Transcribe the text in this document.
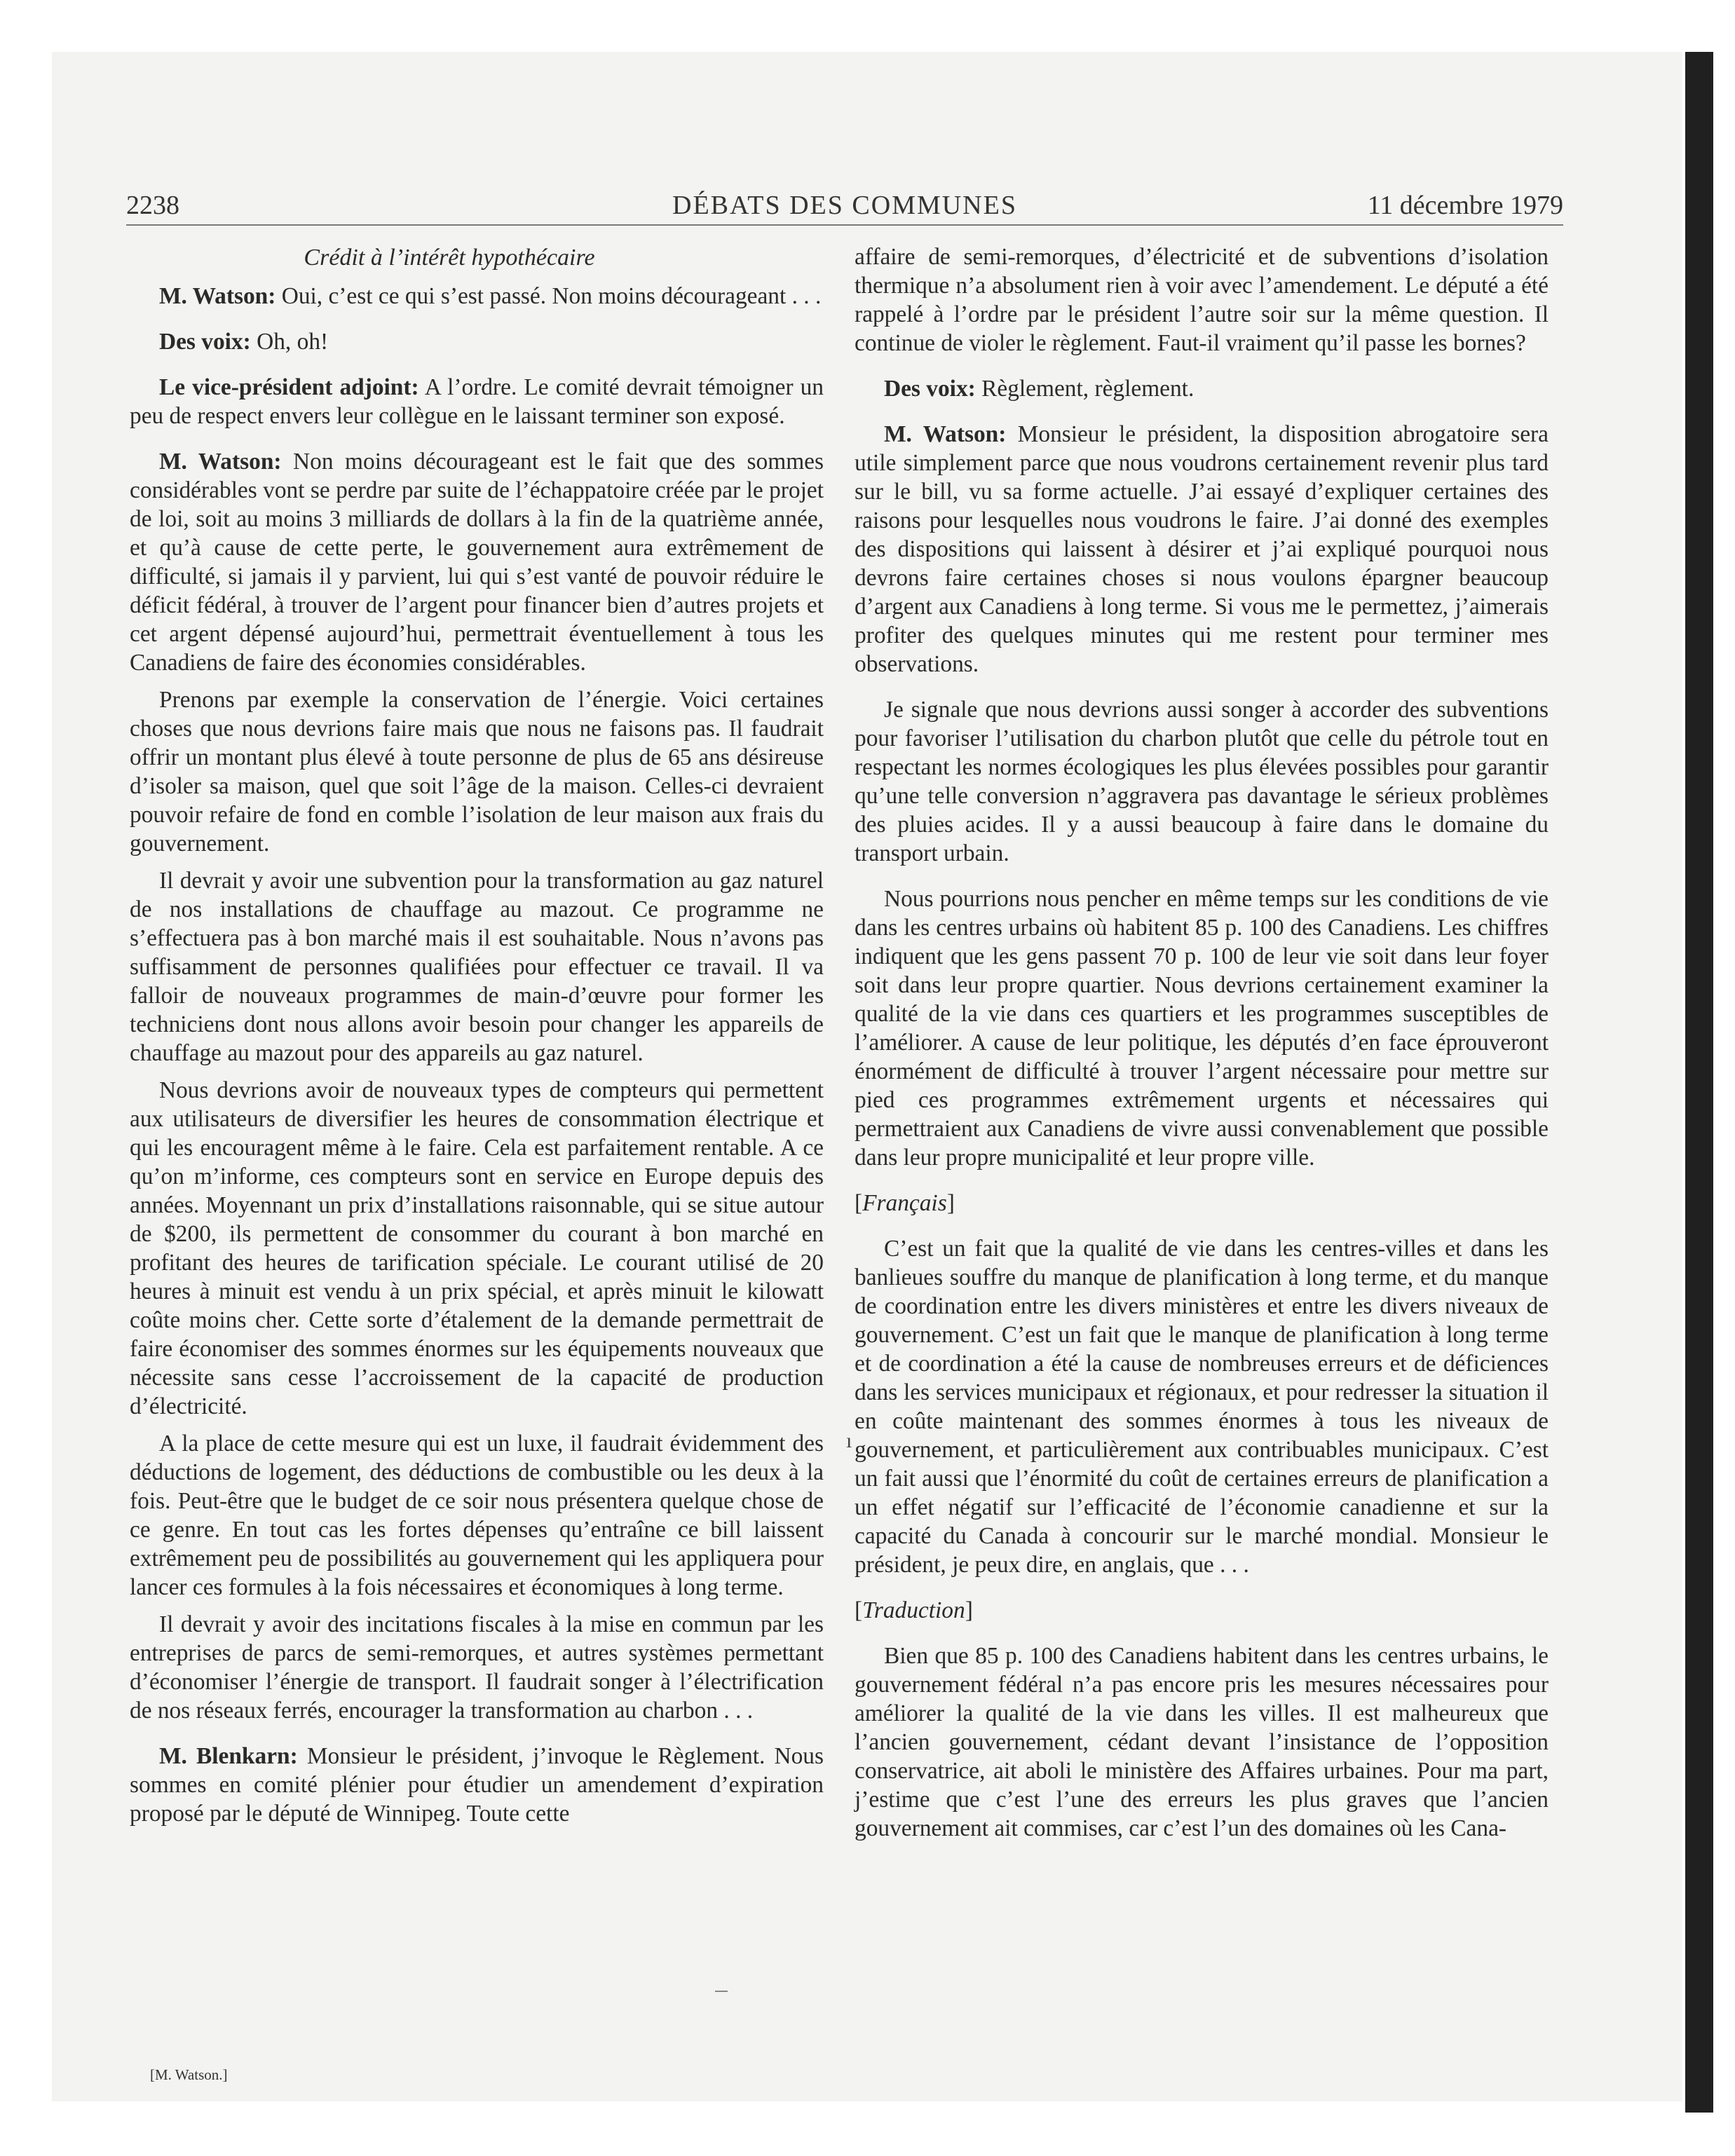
2238	DÉBATS DES COMMUNES	11 décembre 1979

Crédit à l’intérêt hypothécaire

M. Watson: Oui, c’est ce qui s’est passé. Non moins décourageant . . .

Des voix: Oh, oh!

Le vice-président adjoint: A l’ordre. Le comité devrait témoigner un peu de respect envers leur collègue en le laissant terminer son exposé.

M. Watson: Non moins décourageant est le fait que des sommes considérables vont se perdre par suite de l’échappatoire créée par le projet de loi, soit au moins 3 milliards de dollars à la fin de la quatrième année, et qu’à cause de cette perte, le gouvernement aura extrêmement de difficulté, si jamais il y parvient, lui qui s’est vanté de pouvoir réduire le déficit fédéral, à trouver de l’argent pour financer bien d’autres projets et cet argent dépensé aujourd’hui, permettrait éventuellement à tous les Canadiens de faire des économies considérables.

Prenons par exemple la conservation de l’énergie. Voici certaines choses que nous devrions faire mais que nous ne faisons pas. Il faudrait offrir un montant plus élevé à toute personne de plus de 65 ans désireuse d’isoler sa maison, quel que soit l’âge de la maison. Celles-ci devraient pouvoir refaire de fond en comble l’isolation de leur maison aux frais du gouvernement.

Il devrait y avoir une subvention pour la transformation au gaz naturel de nos installations de chauffage au mazout. Ce programme ne s’effectuera pas à bon marché mais il est souhaitable. Nous n’avons pas suffisamment de personnes qualifiées pour effectuer ce travail. Il va falloir de nouveaux programmes de main-d’œuvre pour former les techniciens dont nous allons avoir besoin pour changer les appareils de chauffage au mazout pour des appareils au gaz naturel.

Nous devrions avoir de nouveaux types de compteurs qui permettent aux utilisateurs de diversifier les heures de consommation électrique et qui les encouragent même à le faire. Cela est parfaitement rentable. A ce qu’on m’informe, ces compteurs sont en service en Europe depuis des années. Moyennant un prix d’installations raisonnable, qui se situe autour de $200, ils permettent de consommer du courant à bon marché en profitant des heures de tarification spéciale. Le courant utilisé de 20 heures à minuit est vendu à un prix spécial, et après minuit le kilowatt coûte moins cher. Cette sorte d’étalement de la demande permettrait de faire économiser des sommes énormes sur les équipements nouveaux que nécessite sans cesse l’accroissement de la capacité de production d’électricité.

A la place de cette mesure qui est un luxe, il faudrait évidemment des déductions de logement, des déductions de combustible ou les deux à la fois. Peut-être que le budget de ce soir nous présentera quelque chose de ce genre. En tout cas les fortes dépenses qu’entraîne ce bill laissent extrêmement peu de possibilités au gouvernement qui les appliquera pour lancer ces formules à la fois nécessaires et économiques à long terme.

Il devrait y avoir des incitations fiscales à la mise en commun par les entreprises de parcs de semi-remorques, et autres systèmes permettant d’économiser l’énergie de transport. Il faudrait songer à l’électrification de nos réseaux ferrés, encourager la transformation au charbon . . .

M. Blenkarn: Monsieur le président, j’invoque le Règlement. Nous sommes en comité plénier pour étudier un amendement d’expiration proposé par le député de Winnipeg. Toute cette

affaire de semi-remorques, d’électricité et de subventions d’isolation thermique n’a absolument rien à voir avec l’amendement. Le député a été rappelé à l’ordre par le président l’autre soir sur la même question. Il continue de violer le règlement. Faut-il vraiment qu’il passe les bornes?

Des voix: Règlement, règlement.

M. Watson: Monsieur le président, la disposition abrogatoire sera utile simplement parce que nous voudrons certainement revenir plus tard sur le bill, vu sa forme actuelle. J’ai essayé d’expliquer certaines des raisons pour lesquelles nous voudrons le faire. J’ai donné des exemples des dispositions qui laissent à désirer et j’ai expliqué pourquoi nous devrons faire certaines choses si nous voulons épargner beaucoup d’argent aux Canadiens à long terme. Si vous me le permettez, j’aimerais profiter des quelques minutes qui me restent pour terminer mes observations.

Je signale que nous devrions aussi songer à accorder des subventions pour favoriser l’utilisation du charbon plutôt que celle du pétrole tout en respectant les normes écologiques les plus élevées possibles pour garantir qu’une telle conversion n’aggravera pas davantage le sérieux problèmes des pluies acides. Il y a aussi beaucoup à faire dans le domaine du transport urbain.

Nous pourrions nous pencher en même temps sur les conditions de vie dans les centres urbains où habitent 85 p. 100 des Canadiens. Les chiffres indiquent que les gens passent 70 p. 100 de leur vie soit dans leur foyer soit dans leur propre quartier. Nous devrions certainement examiner la qualité de la vie dans ces quartiers et les programmes susceptibles de l’améliorer. A cause de leur politique, les députés d’en face éprouveront énormément de difficulté à trouver l’argent nécessaire pour mettre sur pied ces programmes extrêmement urgents et nécessaires qui permettraient aux Canadiens de vivre aussi convenablement que possible dans leur propre municipalité et leur propre ville.

[Français]

C’est un fait que la qualité de vie dans les centres-villes et dans les banlieues souffre du manque de planification à long terme, et du manque de coordination entre les divers ministères et entre les divers niveaux de gouvernement. C’est un fait que le manque de planification à long terme et de coordination a été la cause de nombreuses erreurs et de déficiences dans les services municipaux et régionaux, et pour redresser la situation il en coûte maintenant des sommes énormes à tous les niveaux de gouvernement, et particulièrement aux contribuables municipaux. C’est un fait aussi que l’énormité du coût de certaines erreurs de planification a un effet négatif sur l’efficacité de l’économie canadienne et sur la capacité du Canada à concourir sur le marché mondial. Monsieur le président, je peux dire, en anglais, que . . .

[Traduction]

Bien que 85 p. 100 des Canadiens habitent dans les centres urbains, le gouvernement fédéral n’a pas encore pris les mesures nécessaires pour améliorer la qualité de la vie dans les villes. Il est malheureux que l’ancien gouvernement, cédant devant l’insistance de l’opposition conservatrice, ait aboli le ministère des Affaires urbaines. Pour ma part, j’estime que c’est l’une des erreurs les plus graves que l’ancien gouvernement ait commises, car c’est l’un des domaines où les Cana-

ı
[M. Watson.]
